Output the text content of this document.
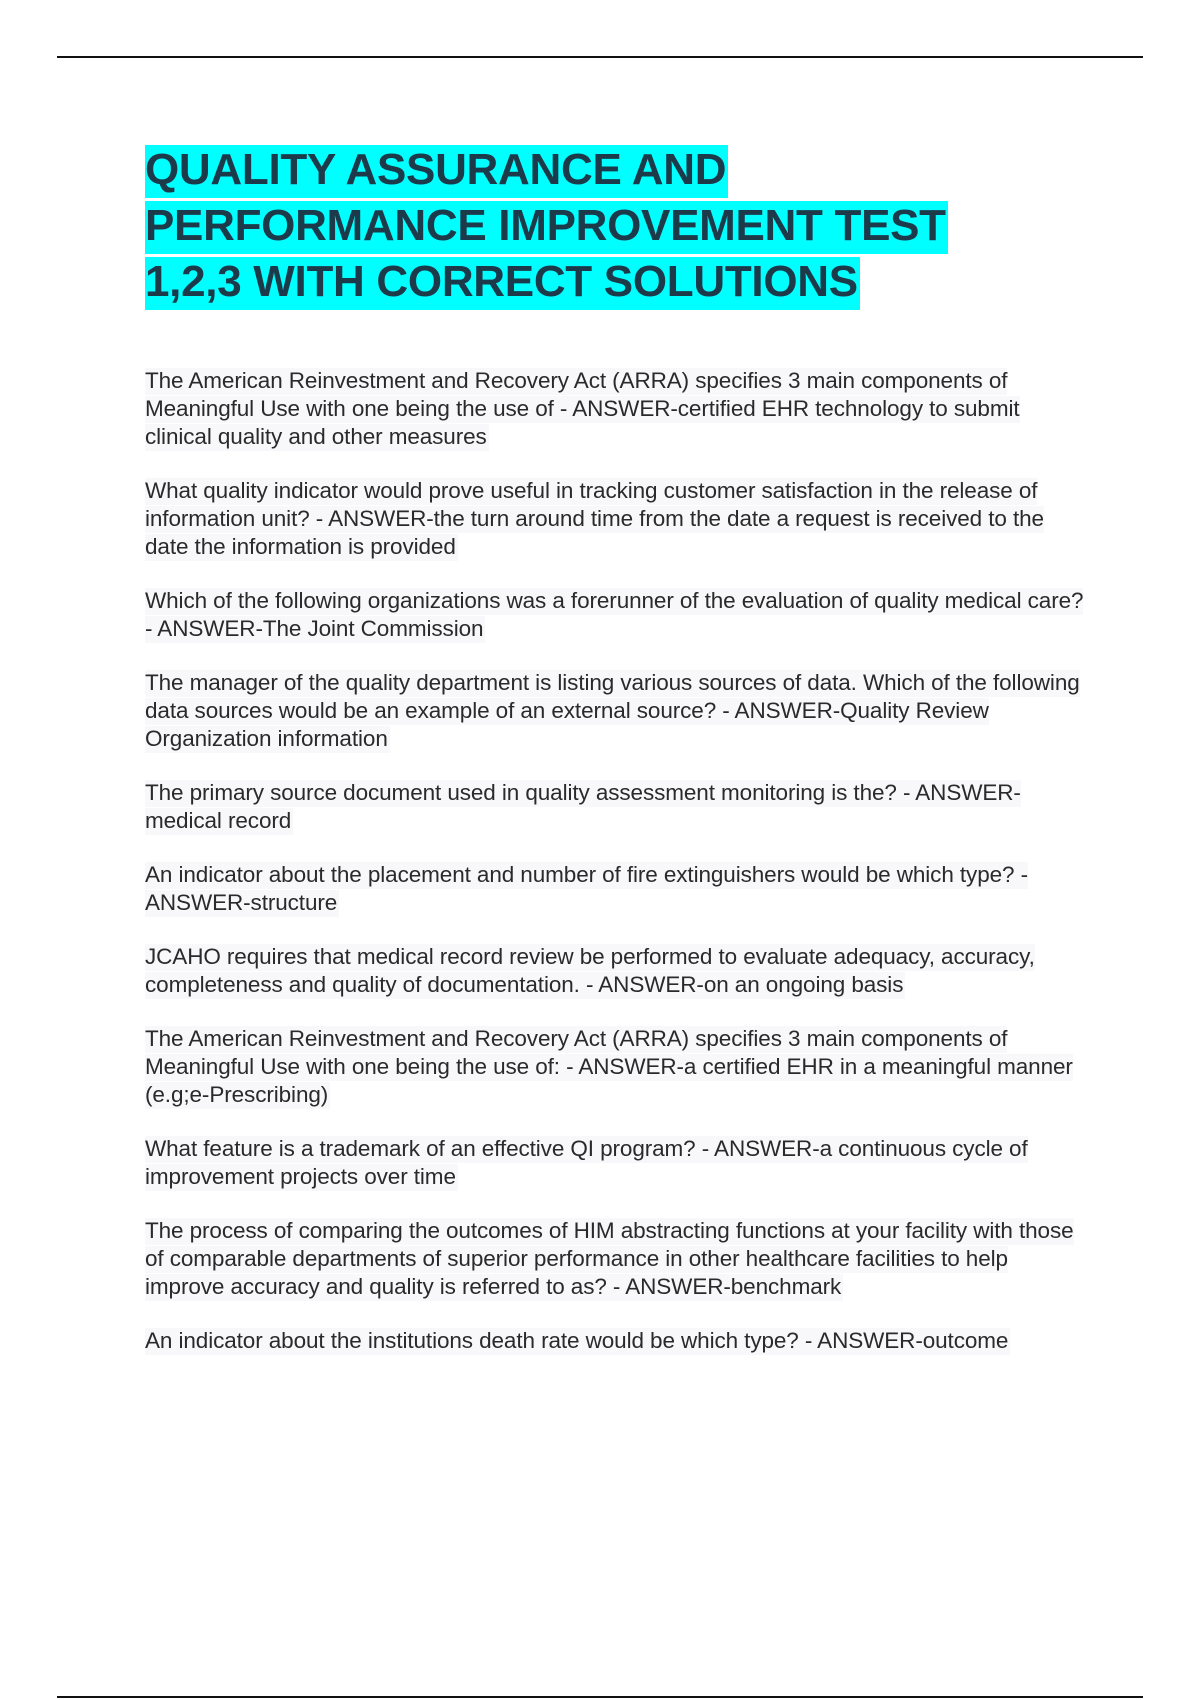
QUALITY ASSURANCE AND
PERFORMANCE IMPROVEMENT TEST
1,2,3 WITH CORRECT SOLUTIONS

The American Reinvestment and Recovery Act (ARRA) specifies 3 main components of Meaningful Use with one being the use of - ANSWER-certified EHR technology to submit clinical quality and other measures

What quality indicator would prove useful in tracking customer satisfaction in the release of information unit? - ANSWER-the turn around time from the date a request is received to the date the information is provided

Which of the following organizations was a forerunner of the evaluation of quality medical care? - ANSWER-The Joint Commission

The manager of the quality department is listing various sources of data. Which of the following data sources would be an example of an external source? - ANSWER-Quality Review Organization information

The primary source document used in quality assessment monitoring is the? - ANSWER-medical record

An indicator about the placement and number of fire extinguishers would be which type? - ANSWER-structure

JCAHO requires that medical record review be performed to evaluate adequacy, accuracy, completeness and quality of documentation. - ANSWER-on an ongoing basis

The American Reinvestment and Recovery Act (ARRA) specifies 3 main components of Meaningful Use with one being the use of: - ANSWER-a certified EHR in a meaningful manner (e.g;e-Prescribing)

What feature is a trademark of an effective QI program? - ANSWER-a continuous cycle of improvement projects over time

The process of comparing the outcomes of HIM abstracting functions at your facility with those of comparable departments of superior performance in other healthcare facilities to help improve accuracy and quality is referred to as? - ANSWER-benchmark

An indicator about the institutions death rate would be which type? - ANSWER-outcome
